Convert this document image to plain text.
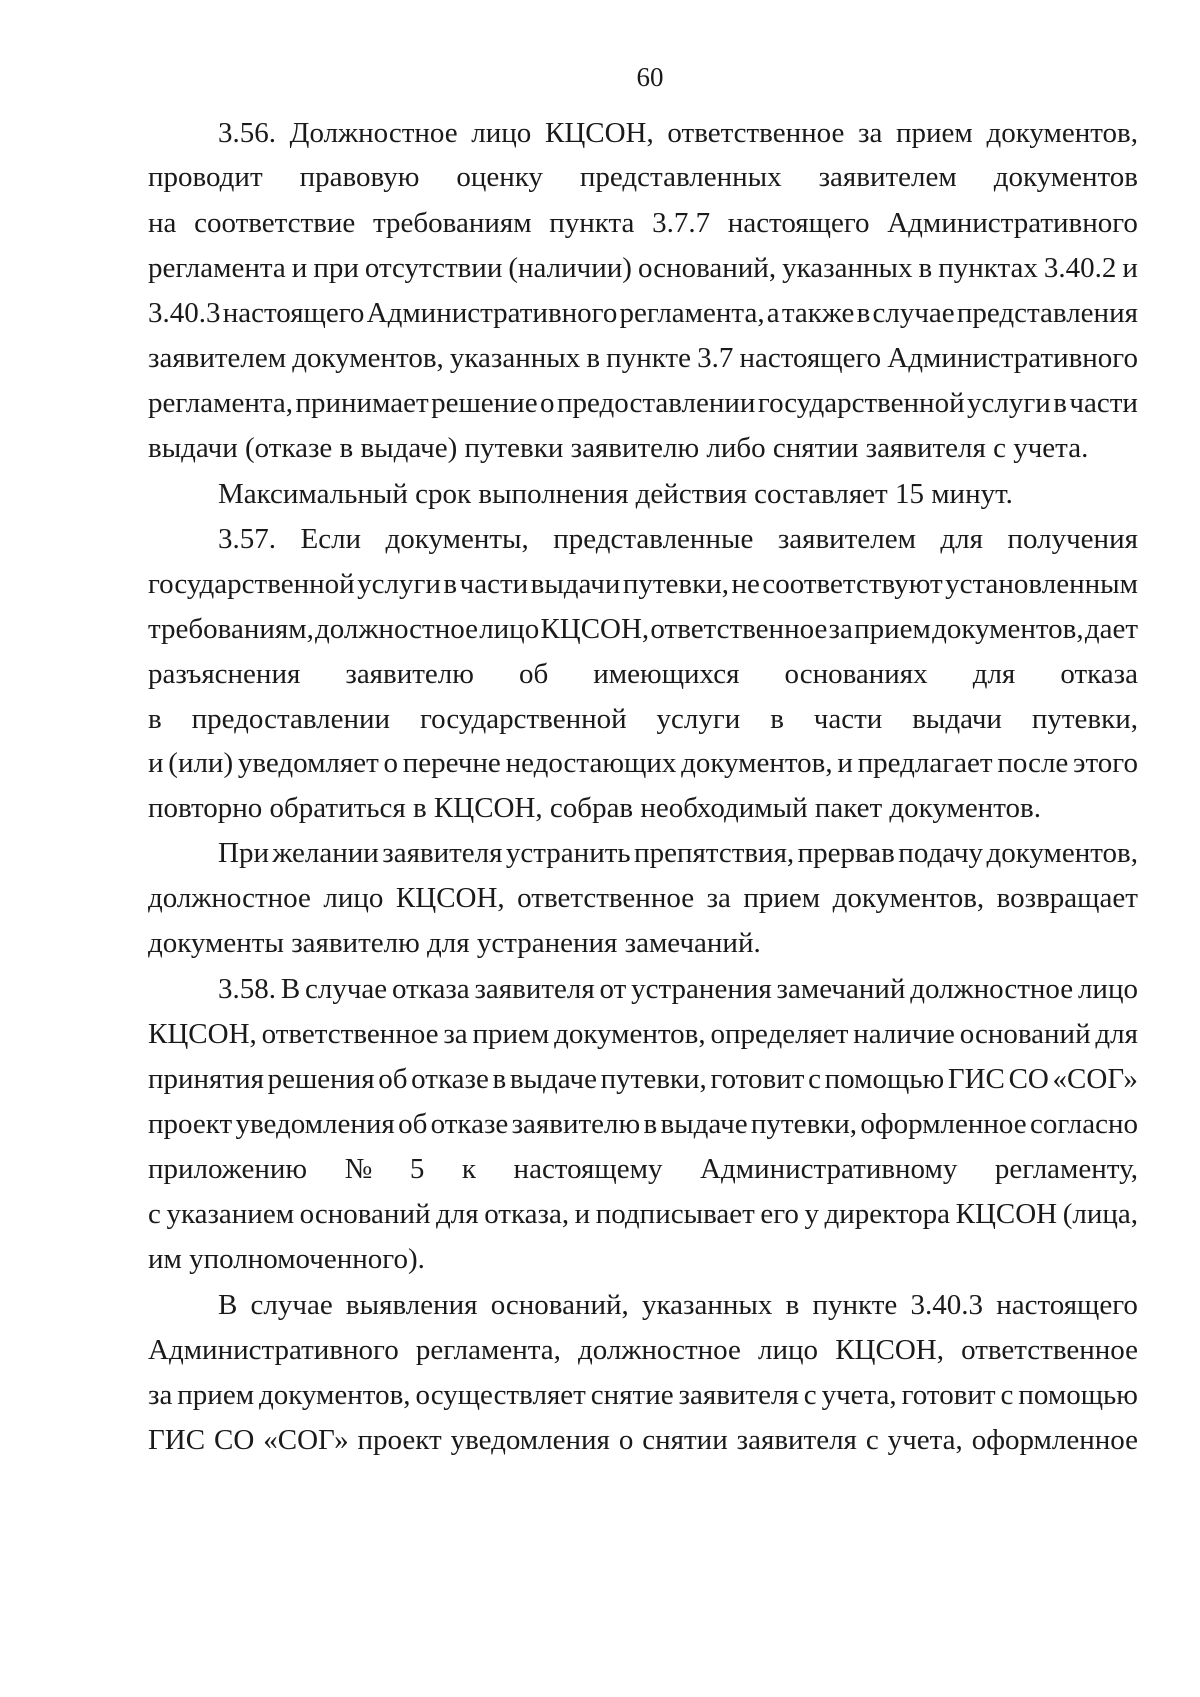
60
3.56. Должностное лицо КЦСОН, ответственное за прием документов,
проводит правовую оценку представленных заявителем документов
на соответствие требованиям пункта 3.7.7 настоящего Административного
регламента и при отсутствии (наличии) оснований, указанных в пунктах 3.40.2 и
3.40.3 настоящего Административного регламента, а также в случае представления
заявителем документов, указанных в пункте 3.7 настоящего Административного
регламента, принимает решение о предоставлении государственной услуги в части
выдачи (отказе в выдаче) путевки заявителю либо снятии заявителя с учета.
Максимальный срок выполнения действия составляет 15 минут.
3.57. Если документы, представленные заявителем для получения
государственной услуги в части выдачи путевки, не соответствуют установленным
требованиям, должностное лицо КЦСОН, ответственное за прием документов, дает
разъяснения заявителю об имеющихся основаниях для отказа
в предоставлении государственной услуги в части выдачи путевки,
и (или) уведомляет о перечне недостающих документов, и предлагает после этого
повторно обратиться в КЦСОН, собрав необходимый пакет документов.
При желании заявителя устранить препятствия, прервав подачу документов,
должностное лицо КЦСОН, ответственное за прием документов, возвращает
документы заявителю для устранения замечаний.
3.58. В случае отказа заявителя от устранения замечаний должностное лицо
КЦСОН, ответственное за прием документов, определяет наличие оснований для
принятия решения об отказе в выдаче путевки, готовит с помощью ГИС СО «СОГ»
проект уведомления об отказе заявителю в выдаче путевки, оформленное согласно
приложению № 5 к настоящему Административному регламенту,
с указанием оснований для отказа, и подписывает его у директора КЦСОН (лица,
им уполномоченного).
В случае выявления оснований, указанных в пункте 3.40.3 настоящего
Административного регламента, должностное лицо КЦСОН, ответственное
за прием документов, осуществляет снятие заявителя с учета, готовит с помощью
ГИС СО «СОГ» проект уведомления о снятии заявителя с учета, оформленное
